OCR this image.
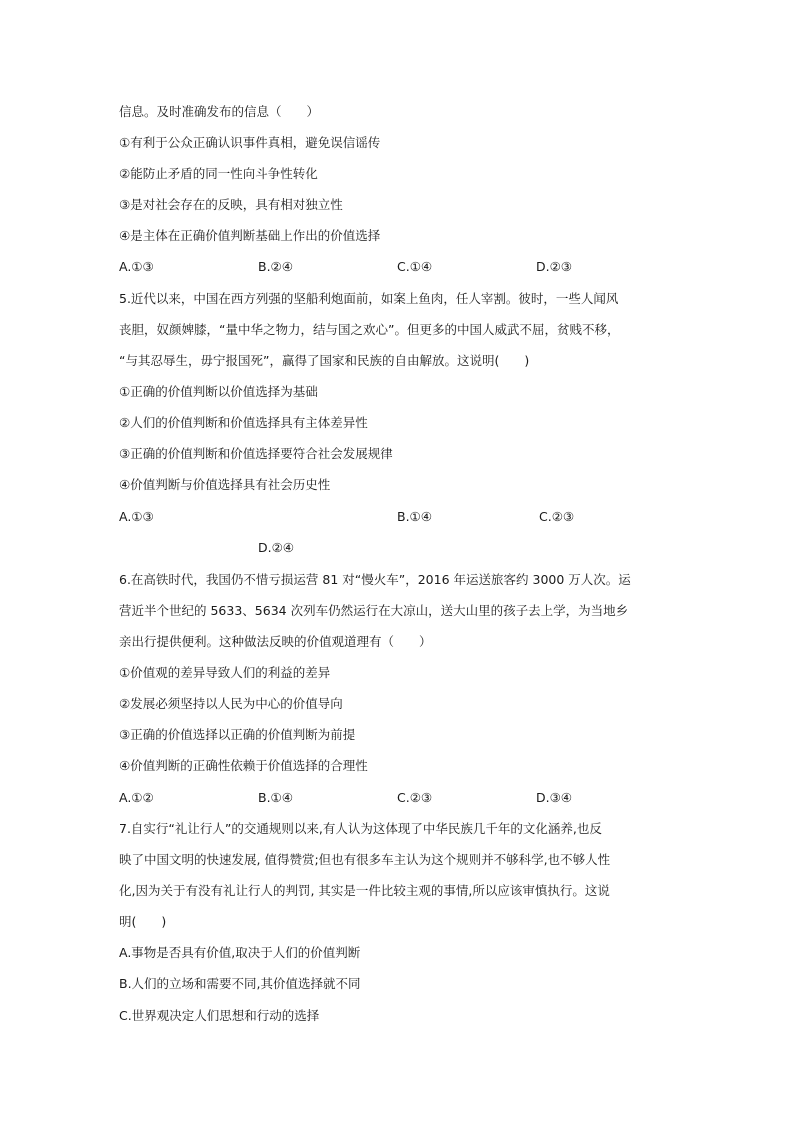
信息。及时准确发布的信息（　　）

①有利于公众正确认识事件真相，避免误信谣传

②能防止矛盾的同一性向斗争性转化

③是对社会存在的反映，具有相对独立性

④是主体在正确价值判断基础上作出的价值选择

A.①③	B.②④	C.①④	D.②③

5.近代以来，中国在西方列强的坚船利炮面前，如案上鱼肉，任人宰割。彼时，一些人闻风

丧胆，奴颜婢膝，“量中华之物力，结与国之欢心”。但更多的中国人威武不屈，贫贱不移，

“与其忍辱生，毋宁报国死”，赢得了国家和民族的自由解放。这说明(　　)

①正确的价值判断以价值选择为基础

②人们的价值判断和价值选择具有主体差异性

③正确的价值判断和价值选择要符合社会发展规律

④价值判断与价值选择具有社会历史性

A.①③	B.①④	C.②③
D.②④

6.在高铁时代，我国仍不惜亏损运营 81 对“慢火车”，2016 年运送旅客约 3000 万人次。运

营近半个世纪的 5633、5634 次列车仍然运行在大凉山，送大山里的孩子去上学，为当地乡

亲出行提供便利。这种做法反映的价值观道理有（　　）

①价值观的差异导致人们的利益的差异

②发展必须坚持以人民为中心的价值导向

③正确的价值选择以正确的价值判断为前提

④价值判断的正确性依赖于价值选择的合理性

A.①②	B.①④	C.②③	D.③④

7.自实行“礼让行人”的交通规则以来,有人认为这体现了中华民族几千年的文化涵养,也反

映了中国文明的快速发展, 值得赞赏;但也有很多车主认为这个规则并不够科学,也不够人性

化,因为关于有没有礼让行人的判罚, 其实是一件比较主观的事情,所以应该审慎执行。这说

明(　　)

A.事物是否具有价值,取决于人们的价值判断

B.人们的立场和需要不同,其价值选择就不同

C.世界观决定人们思想和行动的选择
